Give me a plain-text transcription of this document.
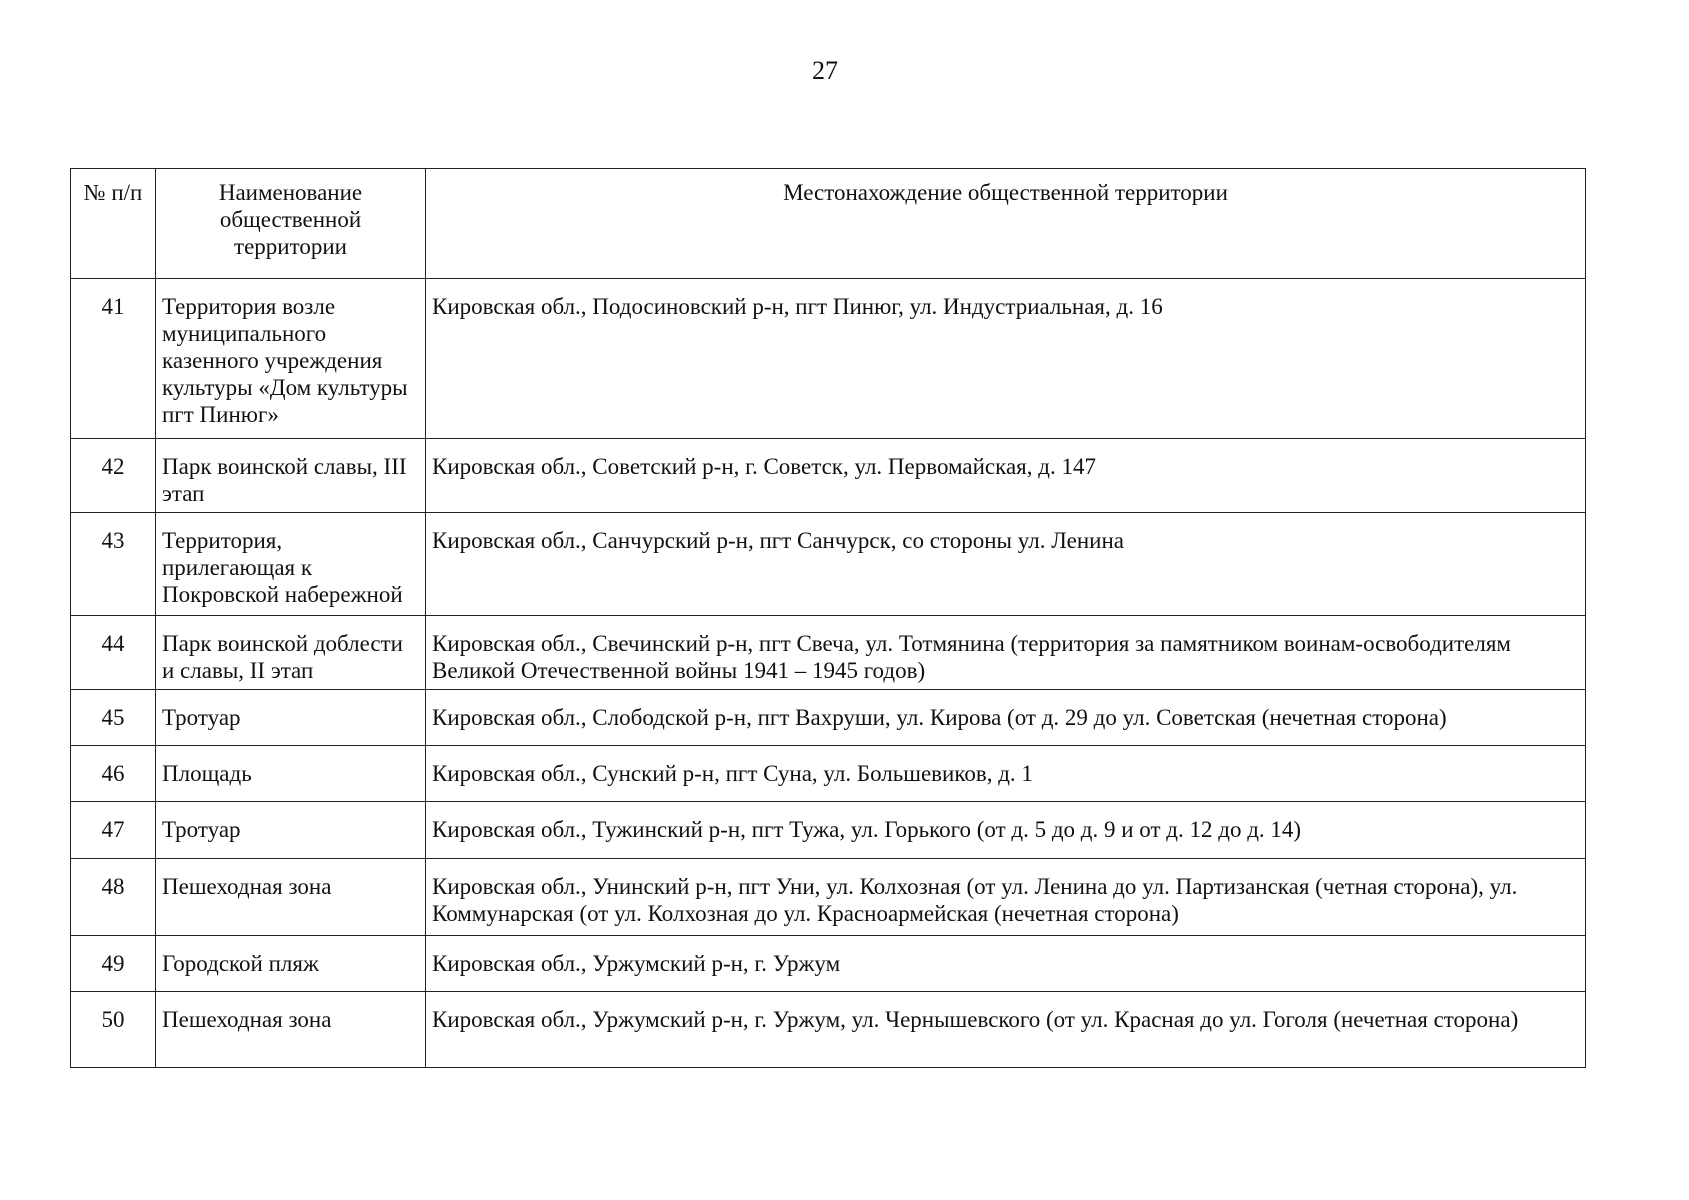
27
№ п/п	Наименование общественной территории	Местонахождение общественной территории
41	Территория возле муниципального казенного учреждения культуры «Дом культуры пгт Пинюг»	Кировская обл., Подосиновский р-н, пгт Пинюг, ул. Индустриальная, д. 16
42	Парк воинской славы, III этап	Кировская обл., Советский р-н, г. Советск, ул. Первомайская, д. 147
43	Территория, прилегающая к Покровской набережной	Кировская обл., Санчурский р-н, пгт Санчурск, со стороны ул. Ленина
44	Парк воинской доблести и славы, II этап	Кировская обл., Свечинский р-н, пгт Свеча, ул. Тотмянина (территория за памятником воинам-освободителям Великой Отечественной войны 1941 – 1945 годов)
45	Тротуар	Кировская обл., Слободской р-н, пгт Вахруши, ул. Кирова (от д. 29 до ул. Советская (нечетная сторона)
46	Площадь	Кировская обл., Сунский р-н, пгт Суна, ул. Большевиков, д. 1
47	Тротуар	Кировская обл., Тужинский р-н, пгт Тужа, ул. Горького (от д. 5 до д. 9 и от д. 12 до д. 14)
48	Пешеходная зона	Кировская обл., Унинский р-н, пгт Уни, ул. Колхозная (от ул. Ленина до ул. Партизанская (четная сторона), ул. Коммунарская (от ул. Колхозная до ул. Красноармейская (нечетная сторона)
49	Городской пляж	Кировская обл., Уржумский р-н, г. Уржум
50	Пешеходная зона	Кировская обл., Уржумский р-н, г. Уржум, ул. Чернышевского (от ул. Красная до ул. Гоголя (нечетная сторона)
